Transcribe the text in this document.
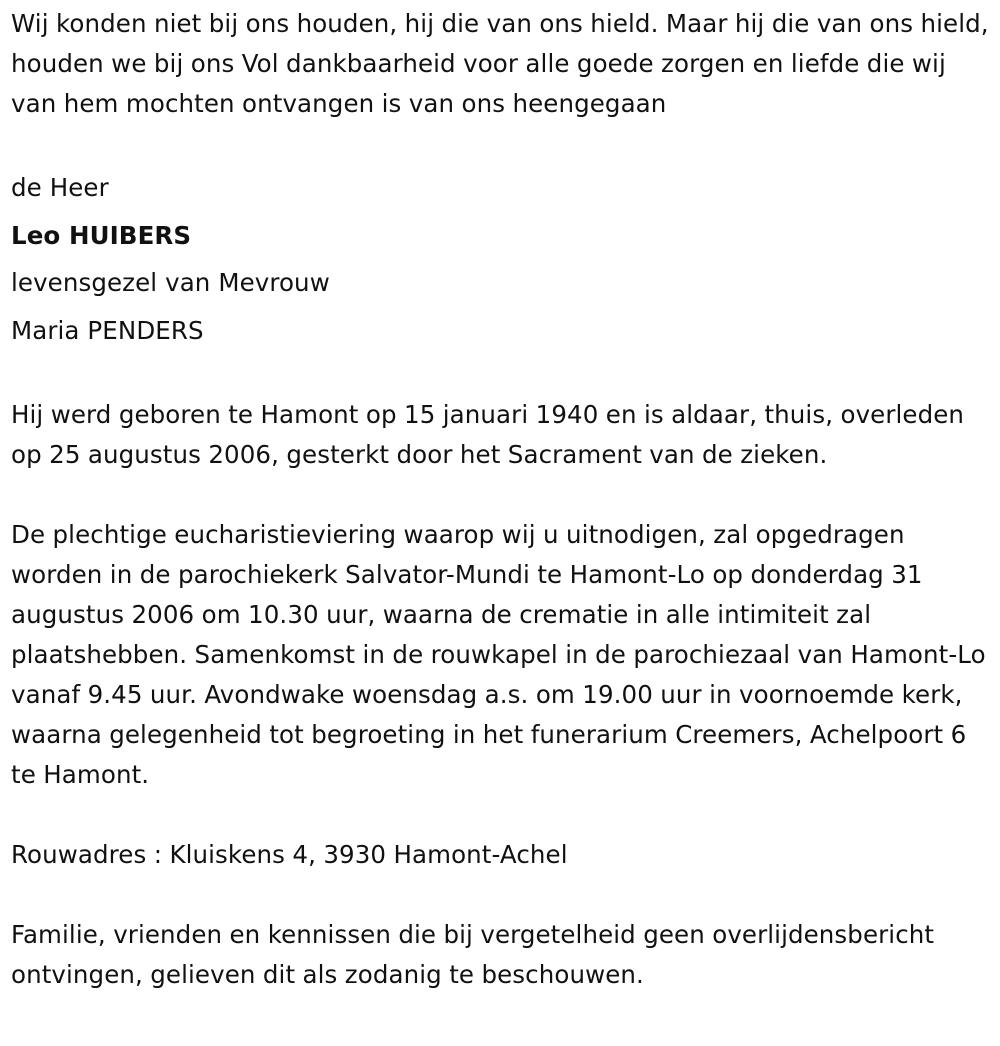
Wij konden niet bij ons houden, hij die van ons hield. Maar hij die van ons hield, houden we bij ons Vol dankbaarheid voor alle goede zorgen en liefde die wij van hem mochten ontvangen is van ons heengegaan

de Heer
Leo HUIBERS
levensgezel van Mevrouw
Maria PENDERS

Hij werd geboren te Hamont op 15 januari 1940 en is aldaar, thuis, overleden op 25 augustus 2006, gesterkt door het Sacrament van de zieken.

De plechtige eucharistieviering waarop wij u uitnodigen, zal opgedragen worden in de parochiekerk Salvator-Mundi te Hamont-Lo op donderdag 31 augustus 2006 om 10.30 uur, waarna de crematie in alle intimiteit zal plaatshebben. Samenkomst in de rouwkapel in de parochiezaal van Hamont-Lo vanaf 9.45 uur. Avondwake woensdag a.s. om 19.00 uur in voornoemde kerk, waarna gelegenheid tot begroeting in het funerarium Creemers, Achelpoort 6 te Hamont.

Rouwadres : Kluiskens 4, 3930 Hamont-Achel

Familie, vrienden en kennissen die bij vergetelheid geen overlijdensbericht ontvingen, gelieven dit als zodanig te beschouwen.
